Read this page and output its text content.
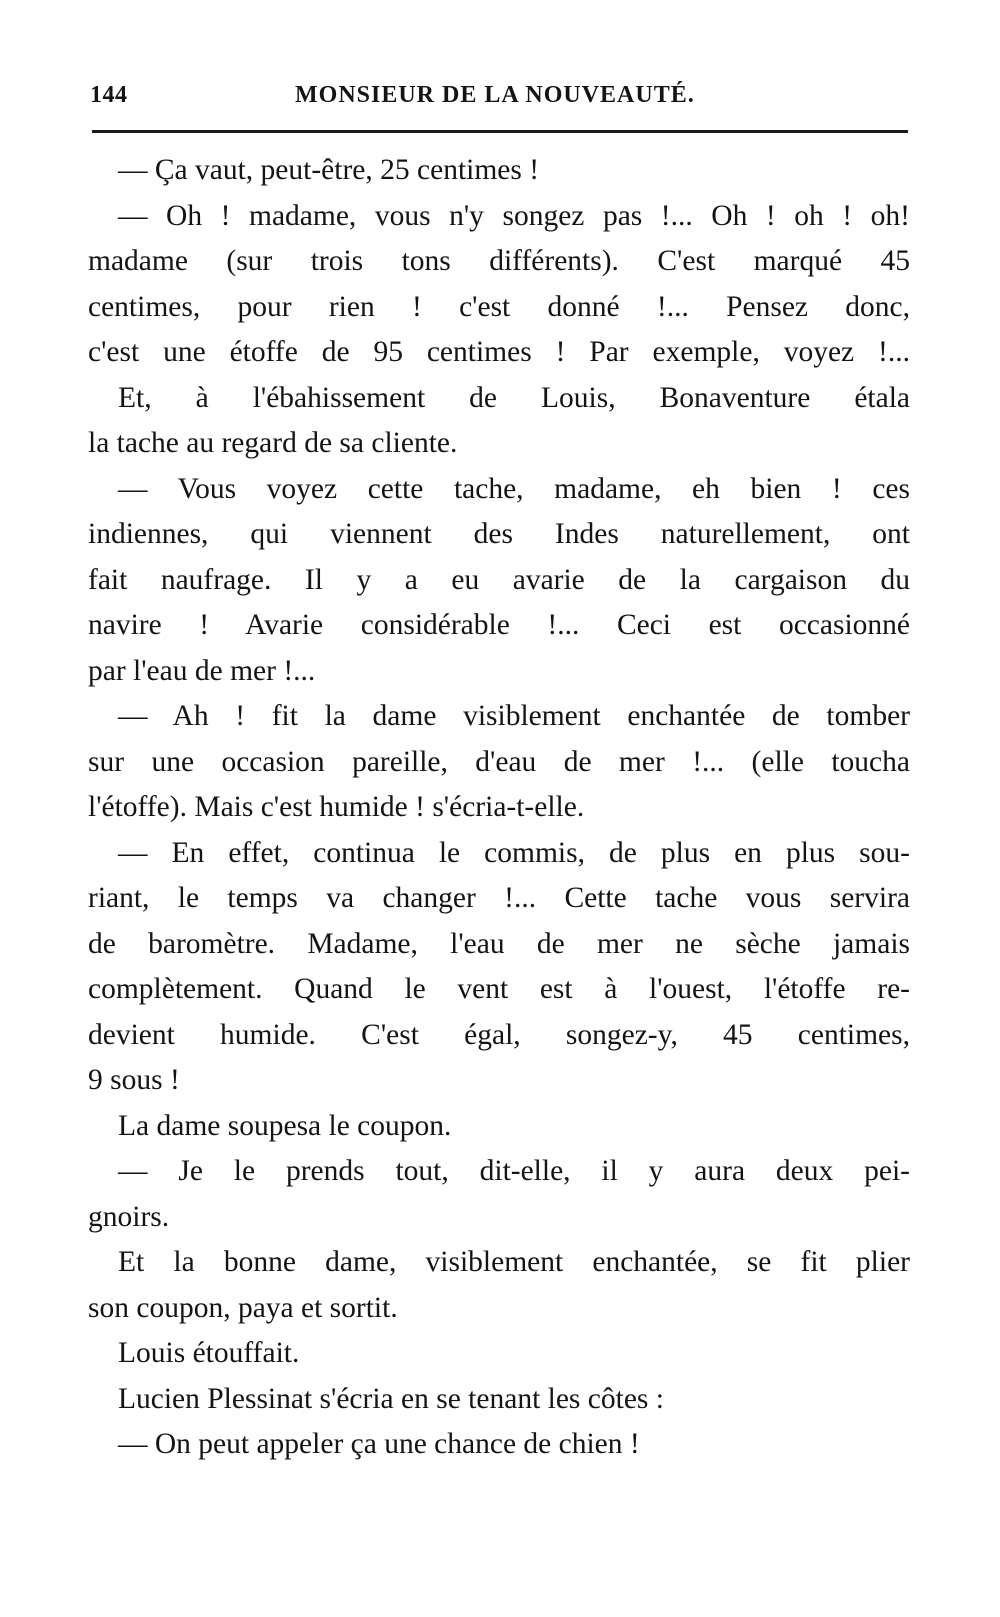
144	MONSIEUR DE LA NOUVEAUTÉ.
— Ça vaut, peut-être, 25 centimes !
— Oh ! madame, vous n'y songez pas !... Oh ! oh ! oh!
madame (sur trois tons différents). C'est marqué 45
centimes, pour rien ! c'est donné !... Pensez donc,
c'est une étoffe de 95 centimes ! Par exemple, voyez !...
Et, à l'ébahissement de Louis, Bonaventure étala
la tache au regard de sa cliente.
— Vous voyez cette tache, madame, eh bien ! ces
indiennes, qui viennent des Indes naturellement, ont
fait naufrage. Il y a eu avarie de la cargaison du
navire ! Avarie considérable !... Ceci est occasionné
par l'eau de mer !...
— Ah ! fit la dame visiblement enchantée de tomber
sur une occasion pareille, d'eau de mer !... (elle toucha
l'étoffe). Mais c'est humide ! s'écria-t-elle.
— En effet, continua le commis, de plus en plus sou-
riant, le temps va changer !... Cette tache vous servira
de baromètre. Madame, l'eau de mer ne sèche jamais
complètement. Quand le vent est à l'ouest, l'étoffe re-
devient humide. C'est égal, songez-y, 45 centimes,
9 sous !
La dame soupesa le coupon.
— Je le prends tout, dit-elle, il y aura deux pei-
gnoirs.
Et la bonne dame, visiblement enchantée, se fit plier
son coupon, paya et sortit.
Louis étouffait.
Lucien Plessinat s'écria en se tenant les côtes :
— On peut appeler ça une chance de chien !
